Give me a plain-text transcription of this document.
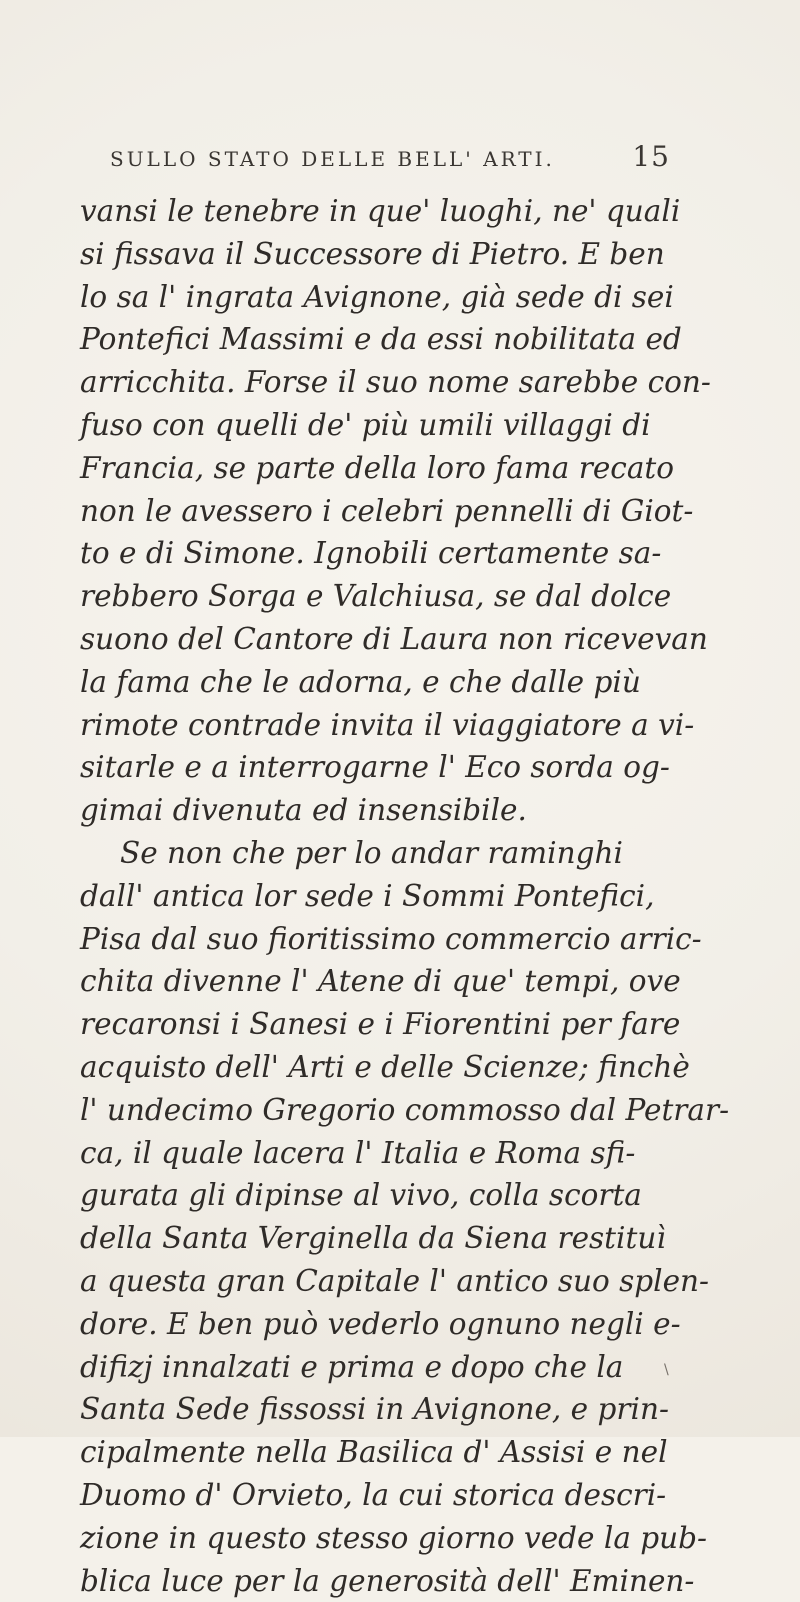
SULLO STATO DELLE BELL' ARTI.	15
vansi le tenebre in que' luoghi, ne' quali
si fissava il Successore di Pietro. E ben
lo sa l' ingrata Avignone, già sede di sei
Pontefici Massimi e da essi nobilitata ed
arricchita. Forse il suo nome sarebbe con-
fuso con quelli de' più umili villaggi di
Francia, se parte della loro fama recato
non le avessero i celebri pennelli di Giot-
to e di Simone. Ignobili certamente sa-
rebbero Sorga e Valchiusa, se dal dolce
suono del Cantore di Laura non ricevevan
la fama che le adorna, e che dalle più
rimote contrade invita il viaggiatore a vi-
sitarle e a interrogarne l' Eco sorda og-
gimai divenuta ed insensibile.
Se non che per lo andar raminghi
dall' antica lor sede i Sommi Pontefici,
Pisa dal suo fioritissimo commercio arric-
chita divenne l' Atene di que' tempi, ove
recaronsi i Sanesi e i Fiorentini per fare
acquisto dell' Arti e delle Scienze; finchè
l' undecimo Gregorio commosso dal Petrar-
ca, il quale lacera l' Italia e Roma sfi-
gurata gli dipinse al vivo, colla scorta
della Santa Verginella da Siena restituì
a questa gran Capitale l' antico suo splen-
dore. E ben può vederlo ognuno negli e-
difizj innalzati e prima e dopo che la
Santa Sede fissossi in Avignone, e prin-
cipalmente nella Basilica d' Assisi e nel
Duomo d' Orvieto, la cui storica descri-
zione in questo stesso giorno vede la pub-
blica luce per la generosità dell' Eminen-
\
